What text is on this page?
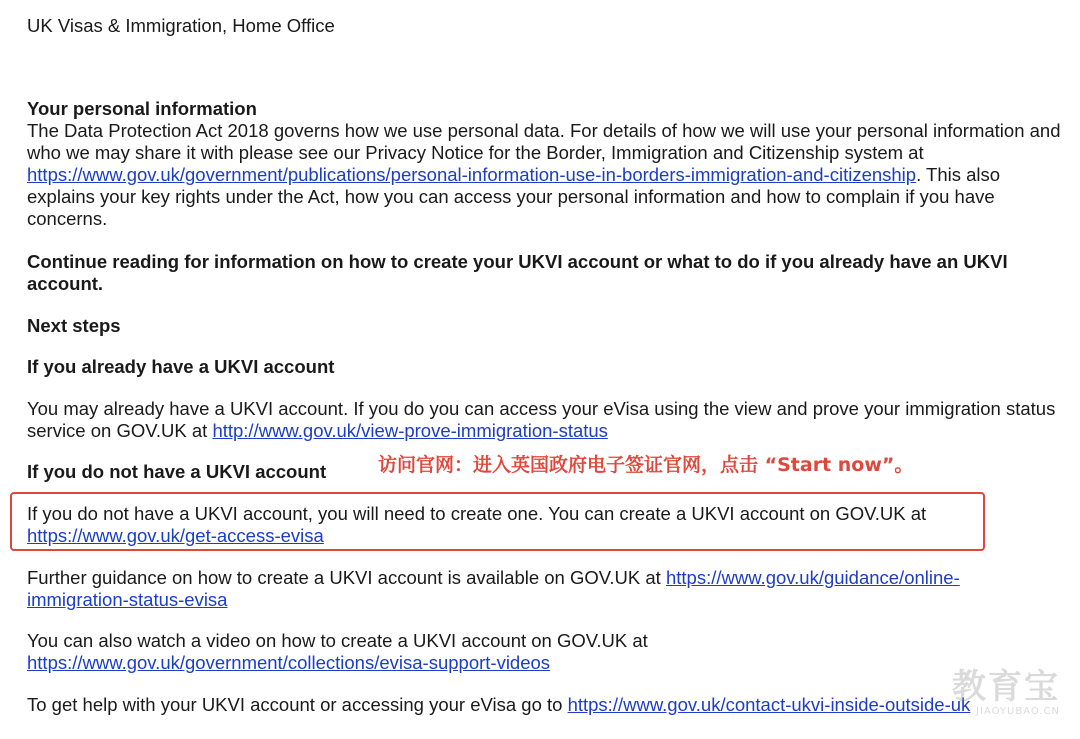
UK Visas & Immigration, Home Office
Your personal information
The Data Protection Act 2018 governs how we use personal data. For details of how we will use your personal information and who we may share it with please see our Privacy Notice for the Border, Immigration and Citizenship system at https://www.gov.uk/government/publications/personal-information-use-in-borders-immigration-and-citizenship. This also explains your key rights under the Act, how you can access your personal information and how to complain if you have concerns.
Continue reading for information on how to create your UKVI account or what to do if you already have an UKVI account.
Next steps
If you already have a UKVI account
You may already have a UKVI account. If you do you can access your eVisa using the view and prove your immigration status service on GOV.UK at http://www.gov.uk/view-prove-immigration-status
If you do not have a UKVI account
If you do not have a UKVI account, you will need to create one. You can create a UKVI account on GOV.UK at https://www.gov.uk/get-access-evisa
Further guidance on how to create a UKVI account is available on GOV.UK at https://www.gov.uk/guidance/online-immigration-status-evisa
You can also watch a video on how to create a UKVI account on GOV.UK at https://www.gov.uk/government/collections/evisa-support-videos
To get help with your UKVI account or accessing your eVisa go to https://www.gov.uk/contact-ukvi-inside-outside-uk
访问官网：进入英国政府电子签证官网，点击 “Start now”。
教育宝
JIAOYUBAO.CN
